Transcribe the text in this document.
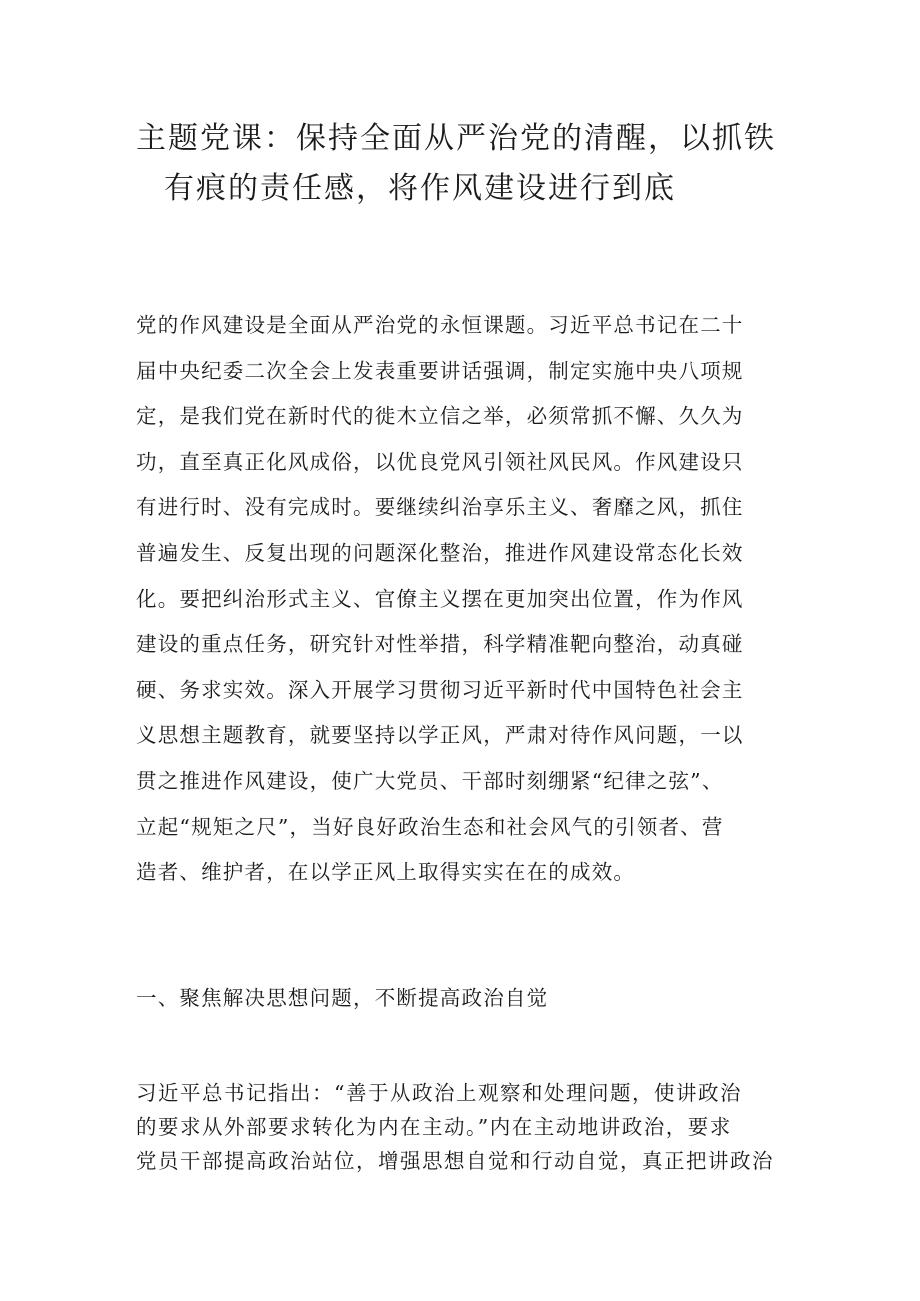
主题党课：保持全面从严治党的清醒，以抓铁
有痕的责任感，将作风建设进行到底
党的作风建设是全面从严治党的永恒课题。习近平总书记在二十
届中央纪委二次全会上发表重要讲话强调，制定实施中央八项规
定，是我们党在新时代的徙木立信之举，必须常抓不懈、久久为
功，直至真正化风成俗，以优良党风引领社风民风。作风建设只
有进行时、没有完成时。要继续纠治享乐主义、奢靡之风，抓住
普遍发生、反复出现的问题深化整治，推进作风建设常态化长效
化。要把纠治形式主义、官僚主义摆在更加突出位置，作为作风
建设的重点任务，研究针对性举措，科学精准靶向整治，动真碰
硬、务求实效。深入开展学习贯彻习近平新时代中国特色社会主
义思想主题教育，就要坚持以学正风，严肃对待作风问题，一以
贯之推进作风建设，使广大党员、干部时刻绷紧“纪律之弦”、
立起“规矩之尺”，当好良好政治生态和社会风气的引领者、营
造者、维护者，在以学正风上取得实实在在的成效。
一、聚焦解决思想问题，不断提高政治自觉
习近平总书记指出：“善于从政治上观察和处理问题，使讲政治
的要求从外部要求转化为内在主动。”内在主动地讲政治，要求
党员干部提高政治站位，增强思想自觉和行动自觉，真正把讲政治
